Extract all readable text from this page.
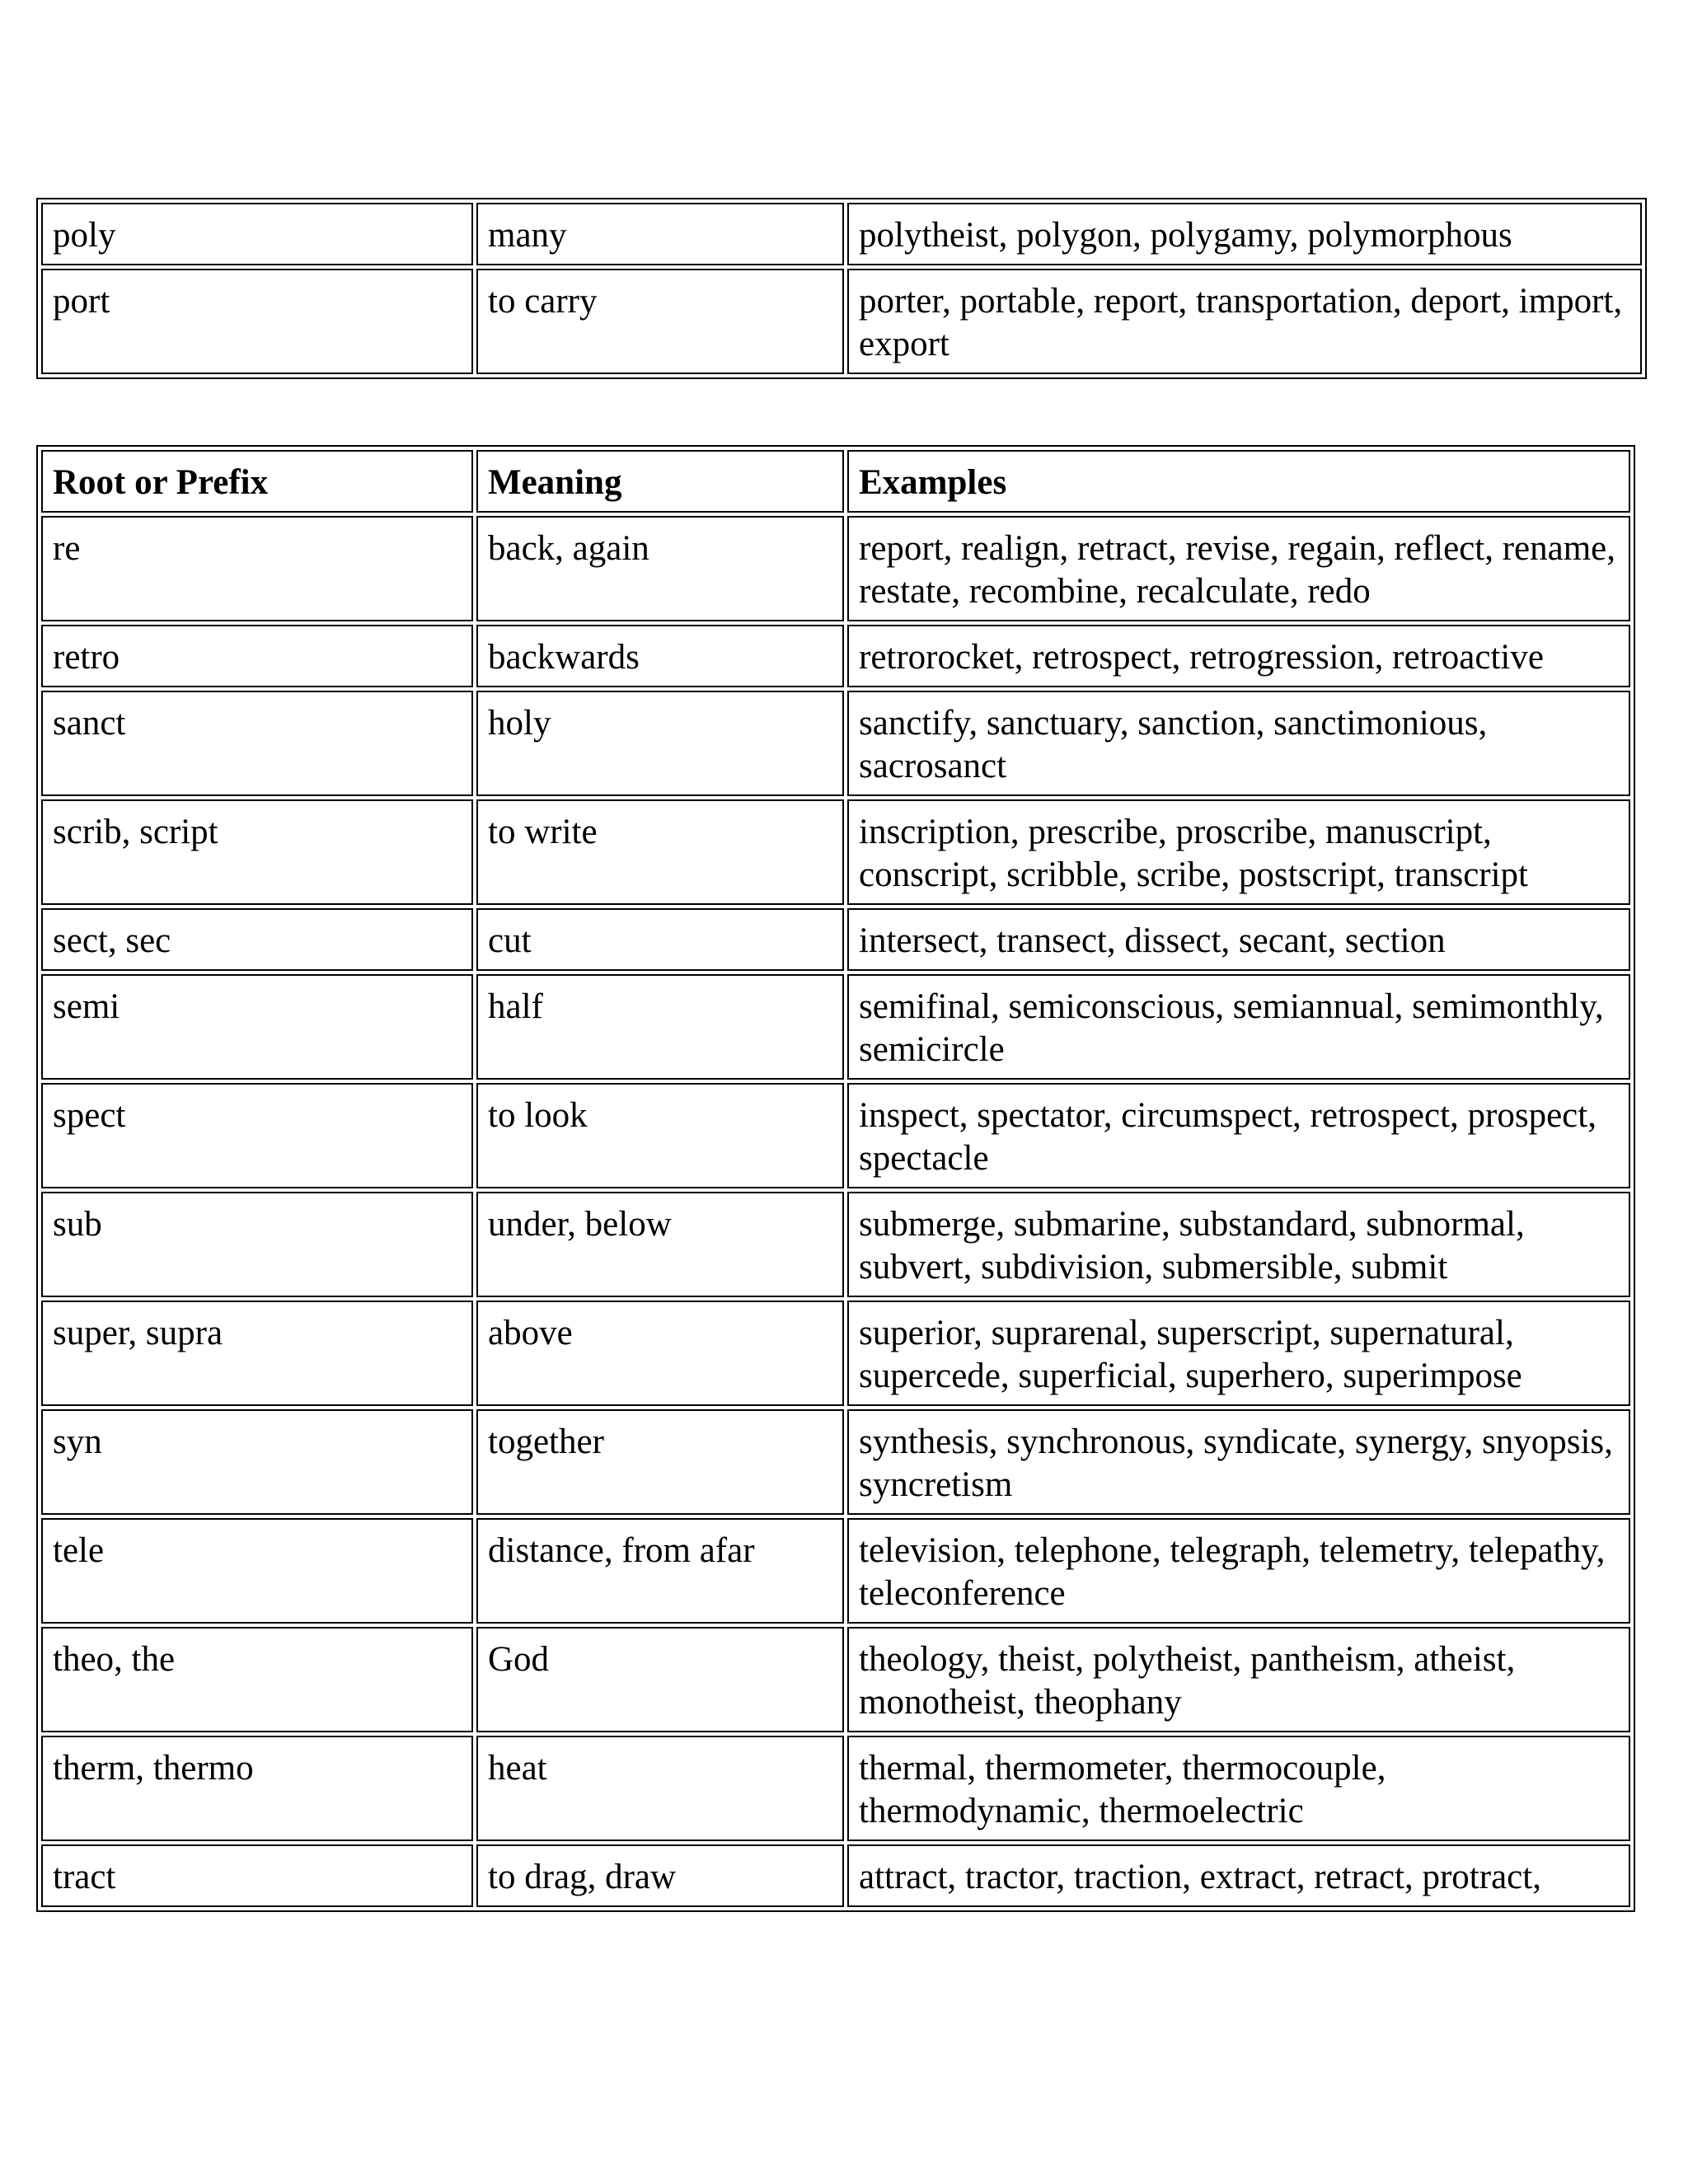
poly	many	polytheist, polygon, polygamy, polymorphous
port	to carry	porter, portable, report, transportation, deport, import, export
Root or Prefix	Meaning	Examples
re	back, again	report, realign, retract, revise, regain, reflect, rename, restate, recombine, recalculate, redo
retro	backwards	retrorocket, retrospect, retrogression, retroactive
sanct	holy	sanctify, sanctuary, sanction, sanctimonious, sacrosanct
scrib, script	to write	inscription, prescribe, proscribe, manuscript, conscript, scribble, scribe, postscript, transcript
sect, sec	cut	intersect, transect, dissect, secant, section
semi	half	semifinal, semiconscious, semiannual, semimonthly, semicircle
spect	to look	inspect, spectator, circumspect, retrospect, prospect, spectacle
sub	under, below	submerge, submarine, substandard, subnormal, subvert, subdivision, submersible, submit
super, supra	above	superior, suprarenal, superscript, supernatural, supercede, superficial, superhero, superimpose
syn	together	synthesis, synchronous, syndicate, synergy, snyopsis, syncretism
tele	distance, from afar	television, telephone, telegraph, telemetry, telepathy, teleconference
theo, the	God	theology, theist, polytheist, pantheism, atheist, monotheist, theophany
therm, thermo	heat	thermal, thermometer, thermocouple, thermodynamic, thermoelectric
tract	to drag, draw	attract, tractor, traction, extract, retract, protract,
